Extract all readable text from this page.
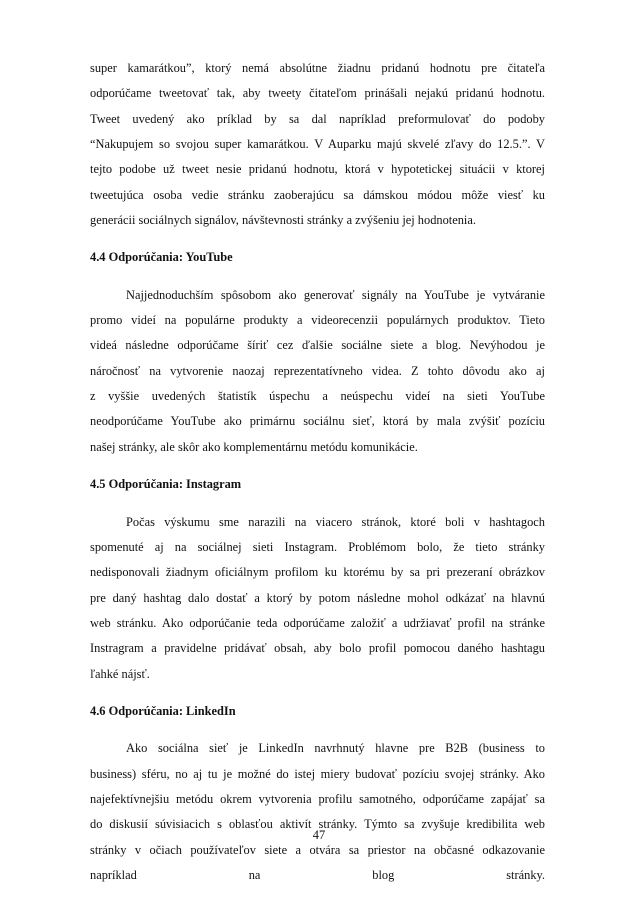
super kamarátkou”, ktorý nemá absolútne žiadnu pridanú hodnotu pre čitateľa

odporúčame tweetovať tak, aby tweety čitateľom prinášali nejakú pridanú hodnotu.

Tweet uvedený ako príklad by sa dal napríklad preformulovať do podoby

“Nakupujem so svojou super kamarátkou. V Auparku majú skvelé zľavy do 12.5.”. V

tejto podobe už tweet nesie pridanú hodnotu, ktorá v hypotetickej situácii v ktorej

tweetujúca osoba vedie stránku zaoberajúcu sa dámskou módou môže viesť ku

generácii sociálnych signálov, návštevnosti stránky a zvýšeniu jej hodnotenia.

4.4 Odporúčania: YouTube

Najjednoduchším spôsobom ako generovať signály na YouTube je vytváranie

promo videí na populárne produkty a videorecenzii populárnych produktov. Tieto

videá následne odporúčame šíriť cez ďalšie sociálne siete a blog. Nevýhodou je

náročnosť na vytvorenie naozaj reprezentatívneho videa. Z tohto dôvodu ako aj

z vyššie uvedených štatistík úspechu a neúspechu videí na sieti YouTube

neodporúčame YouTube ako primárnu sociálnu sieť, ktorá by mala zvýšiť pozíciu

našej stránky, ale skôr ako komplementárnu metódu komunikácie.

4.5 Odporúčania: Instagram

Počas výskumu sme narazili na viacero stránok, ktoré boli v hashtagoch

spomenuté aj na sociálnej sieti Instagram. Problémom bolo, že tieto stránky

nedisponovali žiadnym oficiálnym profilom ku ktorému by sa pri prezeraní obrázkov

pre daný hashtag dalo dostať a ktorý by potom následne mohol odkázať na hlavnú

web stránku. Ako odporúčanie teda odporúčame založiť a udržiavať profil na stránke

Instragram a pravidelne pridávať obsah, aby bolo profil pomocou daného hashtagu

ľahké nájsť.

4.6 Odporúčania: LinkedIn

Ako sociálna sieť je LinkedIn navrhnutý hlavne pre B2B (business to

business) sféru, no aj tu je možné do istej miery budovať pozíciu svojej stránky. Ako

najefektívnejšiu metódu okrem vytvorenia profilu samotného, odporúčame zapájať sa

do diskusií súvisiacich s oblasťou aktivít stránky. Týmto sa zvyšuje kredibilita web

stránky v očiach používateľov siete a otvára sa priestor na občasné odkazovanie

napríklad na blog stránky.

47
